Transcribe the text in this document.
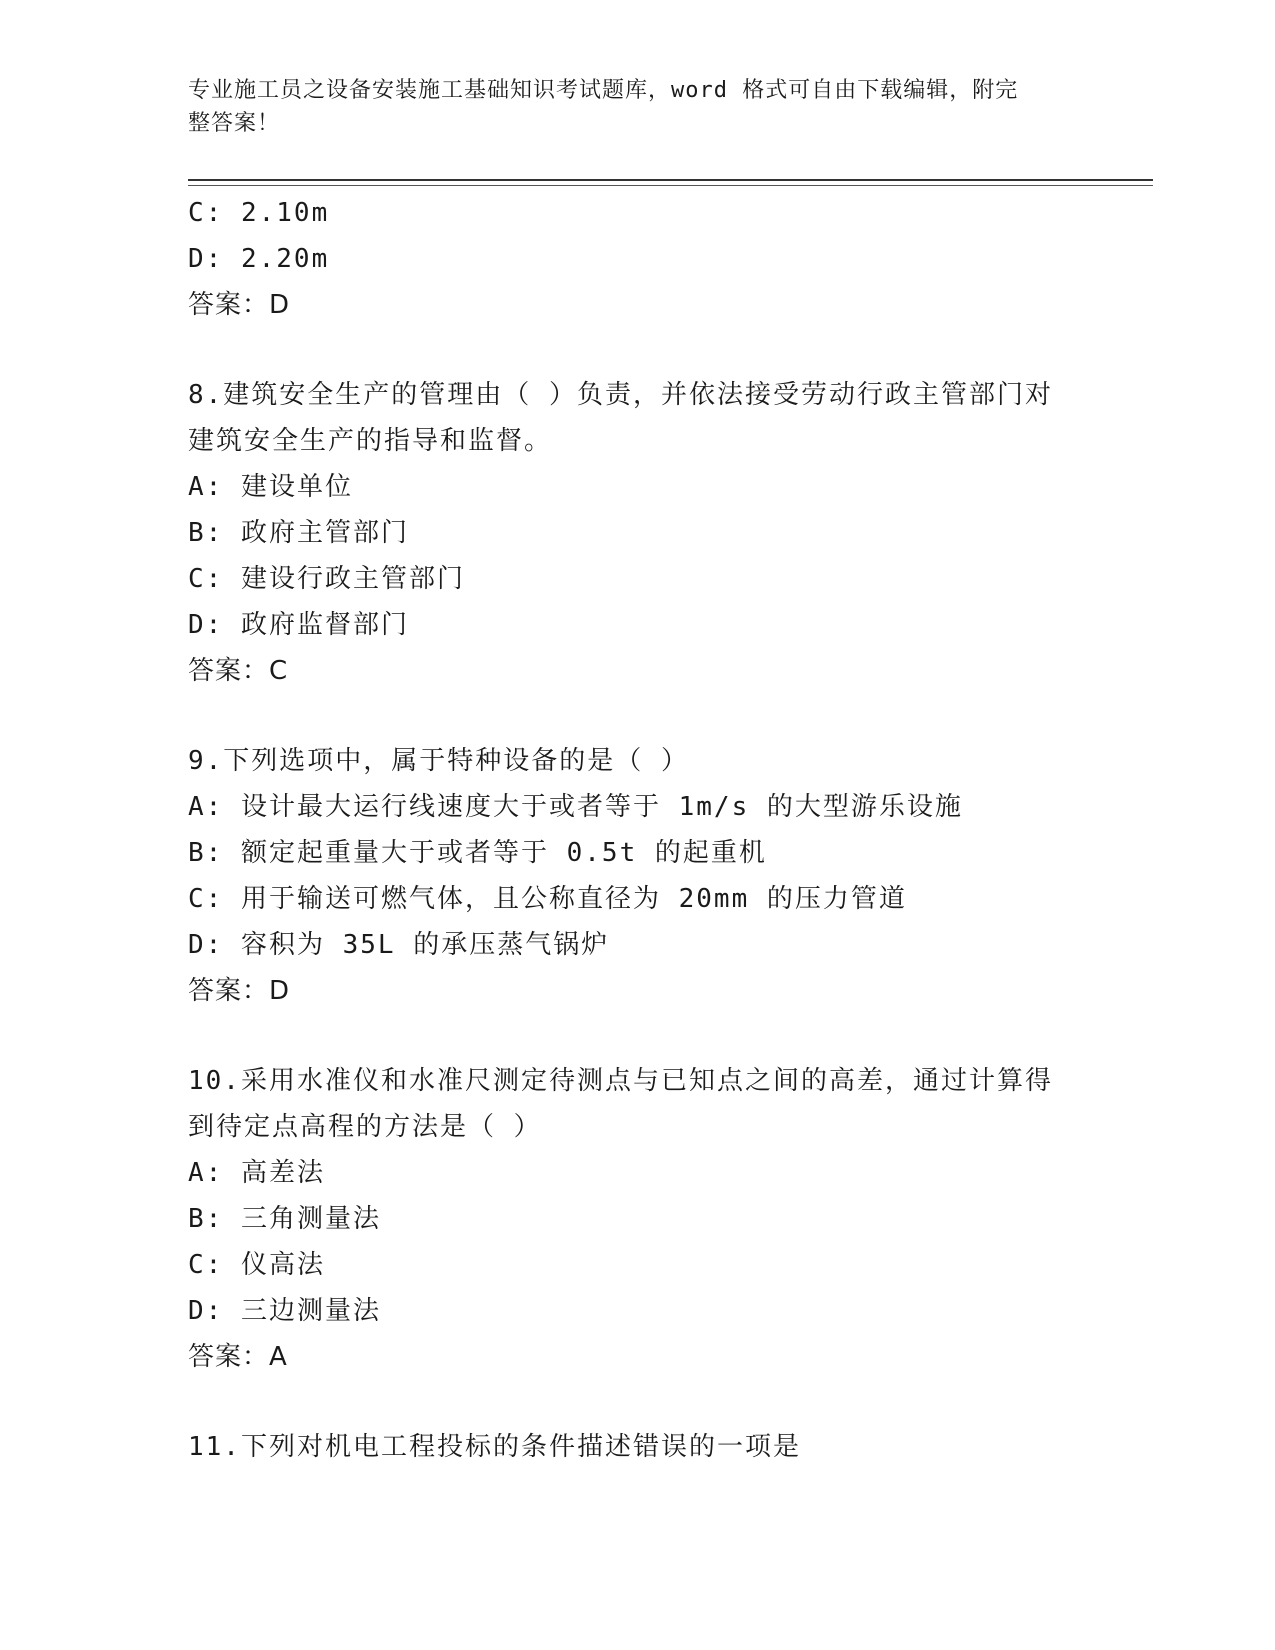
专业施工员之设备安装施工基础知识考试题库，word 格式可自由下载编辑，附完
整答案！
C: 2.10m
D: 2.20m
答案：D
8.建筑安全生产的管理由（ ）负责，并依法接受劳动行政主管部门对
建筑安全生产的指导和监督。
A: 建设单位
B: 政府主管部门
C: 建设行政主管部门
D: 政府监督部门
答案：C
9.下列选项中，属于特种设备的是（ ）
A: 设计最大运行线速度大于或者等于 1m/s 的大型游乐设施
B: 额定起重量大于或者等于 0.5t 的起重机
C: 用于输送可燃气体，且公称直径为 20mm 的压力管道
D: 容积为 35L 的承压蒸气锅炉
答案：D
10.采用水准仪和水准尺测定待测点与已知点之间的高差，通过计算得
到待定点高程的方法是（ ）
A: 高差法
B: 三角测量法
C: 仪高法
D: 三边测量法
答案：A
11.下列对机电工程投标的条件描述错误的一项是
